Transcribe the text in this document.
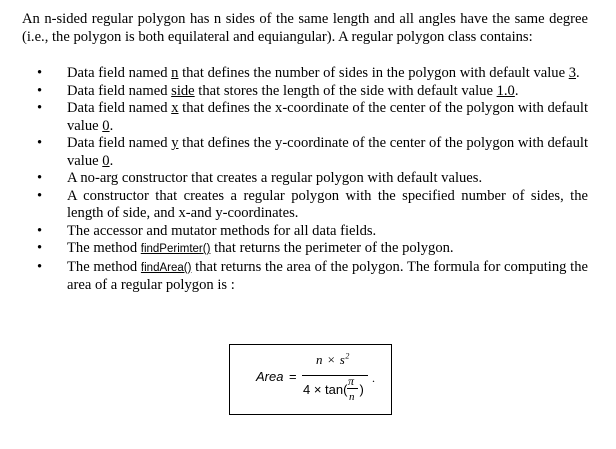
An n-sided regular polygon has n sides of the same length and all angles have the same degree (i.e., the polygon is both equilateral and equiangular). A regular polygon class contains:

• Data field named n that defines the number of sides in the polygon with default value 3.
• Data field named side that stores the length of the side with default value 1.0.
• Data field named x that defines the x-coordinate of the center of the polygon with default value 0.
• Data field named y that defines the y-coordinate of the center of the polygon with default value 0.
• A no-arg constructor that creates a regular polygon with default values.
• A constructor that creates a regular polygon with the specified number of sides, the length of side, and x-and y-coordinates.
• The accessor and mutator methods for all data fields.
• The method findPerimter() that returns the perimeter of the polygon.
• The method findArea() that returns the area of the polygon. The formula for computing the area of a regular polygon is :
Area =
$n \times s^2$
4 × tan( )
π
n
.
